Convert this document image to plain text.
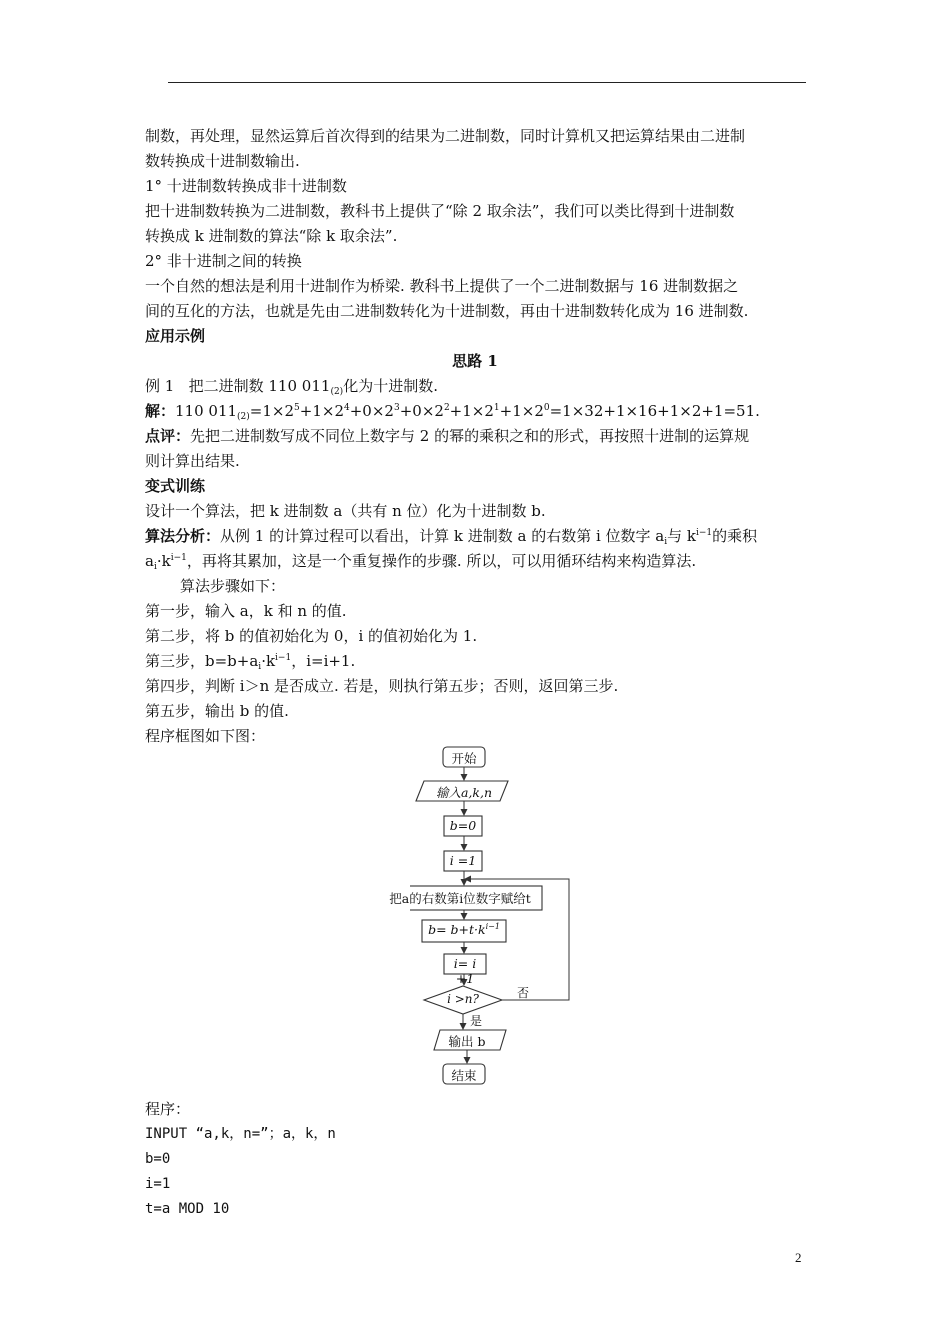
制数，再处理，显然运算后首次得到的结果为二进制数，同时计算机又把运算结果由二进制
数转换成十进制数输出.
1° 十进制数转换成非十进制数
把十进制数转换为二进制数，教科书上提供了“除 2 取余法”，我们可以类比得到十进制数
转换成 k 进制数的算法“除 k 取余法”.
2° 非十进制之间的转换
一个自然的想法是利用十进制作为桥梁. 教科书上提供了一个二进制数据与 16 进制数据之
间的互化的方法，也就是先由二进制数转化为十进制数，再由十进制数转化成为 16 进制数.
应用示例
思路 1
例 1 把二进制数 110 $011_{(2)}$化为十进制数.
解：110 $011_{(2)}=1\times 2^5+1\times 2^4+0\times 2^3+0\times 2^2+1\times 2^1+1\times 2^0=1\times 32+1\times 16+1\times 2+1=51$.
点评：先把二进制数写成不同位上数字与 2 的幂的乘积之和的形式，再按照十进制的运算规
则计算出结果.
变式训练
设计一个算法，把 k 进制数 a（共有 n 位）化为十进制数 b.
算法分析：从例 1 的计算过程可以看出，计算 k 进制数 a 的右数第 i 位数字 $a_i$与 $k^{i-1}$的乘积
$a_i\cdot k^{i-1}$，再将其累加，这是一个重复操作的步骤. 所以，可以用循环结构来构造算法.
算法步骤如下：
第一步，输入 a，k 和 n 的值.
第二步，将 b 的值初始化为 0，i 的值初始化为 1.
第三步，$b=b+a_i\cdot k^{i-1}$，i=i+1.
第四步，判断 i＞n 是否成立. 若是，则执行第五步；否则，返回第三步.
第五步，输出 b 的值.
程序框图如下图：
开始
输入a,k,n
b=0
i =1
把a的右数第i位数字赋给t
$b= b+t\cdot k^{i-1}$
i= i +1
i >n?	否
是
输出 b
结束
程序：
INPUT “a,k，n=”；a，k，n
b=0
i=1
t=a MOD 10
2
